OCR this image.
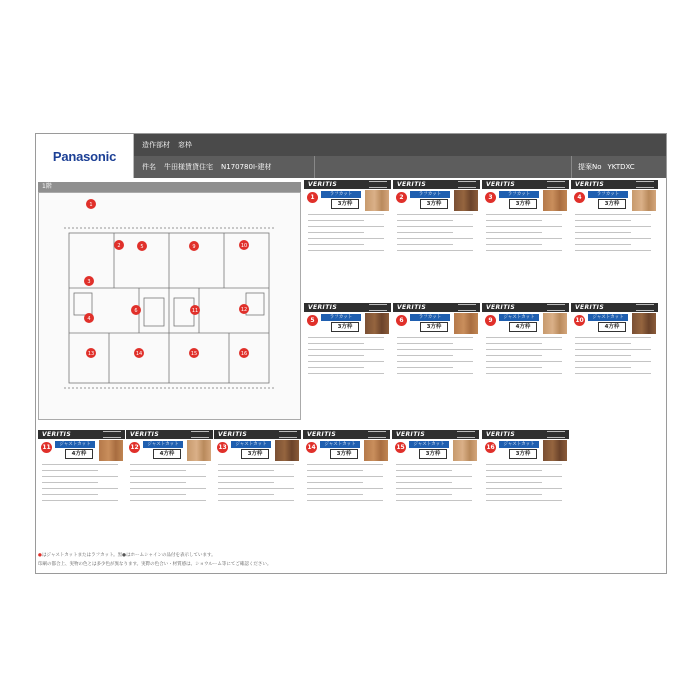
Panasonic
造作部材 窓枠
件名 牛田様賃貸住宅 N170780I-建材	提案No YKTDXC
1階
1
2
3
4
5
6
9	10
11	12
13	14	15	16
VERITIS
1	ラフカット
3方枠
VERITIS
2	ラフカット
3方枠
VERITIS
3	ラフカット
3方枠
VERITIS
4	ラフカット
3方枠
VERITIS
5	ラフカット
3方枠
VERITIS
6	ラフカット
3方枠
VERITIS
9	ジャストカット
4方枠
VERITIS
10	ジャストカット
4方枠
VERITIS
11	ジャストカット
4方枠
VERITIS
12	ジャストカット
4方枠
VERITIS
13	ジャストカット
3方枠
VERITIS
14	ジャストカット
3方枠
VERITIS
15	ジャストカット
3方枠
VERITIS
16	ジャストカット
3方枠
●はジャストカットまたはラフカット。黒●はホームシャインの品付を表示しています。
印刷の都合上、実物の色とは多少色が異なります。実際の色合い・材質感は、ショウルーム等にてご確認ください。
